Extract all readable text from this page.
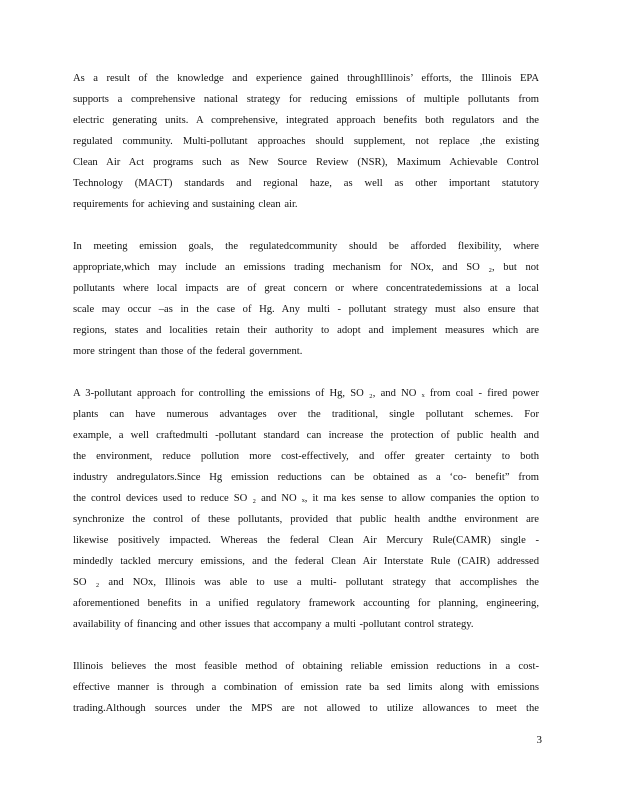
As a result of the knowledge and experience gained throughIllinois’ efforts, the Illinois EPA
supports a comprehensive national strategy for reducing emissions of multiple pollutants from
electric generating units. A comprehensive, integrated approach benefits both regulators and the
regulated community. Multi-pollutant approaches should supplement, not replace ,the existing
Clean Air Act programs such as New Source Review (NSR), Maximum Achievable Control
Technology (MACT) standards and regional haze, as well as other important statutory
requirements for achieving and sustaining clean air.
In meeting emission goals, the regulatedcommunity should be afforded flexibility, where
appropriate,which may include an emissions trading mechanism for NOx, and SO ₂, but not
pollutants where local impacts are of great concern or where concentratedemissions at a local
scale may occur –as in the case of Hg. Any multi - pollutant strategy must also ensure that
regions, states and localities retain their authority to adopt and implement measures which are
more stringent than those of the federal government.
A 3-pollutant approach for controlling the emissions of Hg, SO ₂, and NO ₓ from coal - fired power
plants can have numerous advantages over the traditional, single pollutant schemes. For
example, a well craftedmulti -pollutant standard can increase the protection of public health and
the environment, reduce pollution more cost-effectively, and offer greater certainty to both
industry andregulators.Since Hg emission reductions can be obtained as a ‘co- benefit” from
the control devices used to reduce SO ₂ and NO ₓ, it ma kes sense to allow companies the option to
synchronize the control of these pollutants, provided that public health andthe environment are
likewise positively impacted. Whereas the federal Clean Air Mercury Rule(CAMR) single -
mindedly tackled mercury emissions, and the federal Clean Air Interstate Rule (CAIR) addressed
SO ₂ and NOx, Illinois was able to use a multi- pollutant strategy that accomplishes the
aforementioned benefits in a unified regulatory framework accounting for planning, engineering,
availability of financing and other issues that accompany a multi -pollutant control strategy.
Illinois believes the most feasible method of obtaining reliable emission reductions in a cost-
effective manner is through a combination of emission rate ba sed limits along with emissions
trading.Although sources under the MPS are not allowed to utilize allowances to meet the
3
